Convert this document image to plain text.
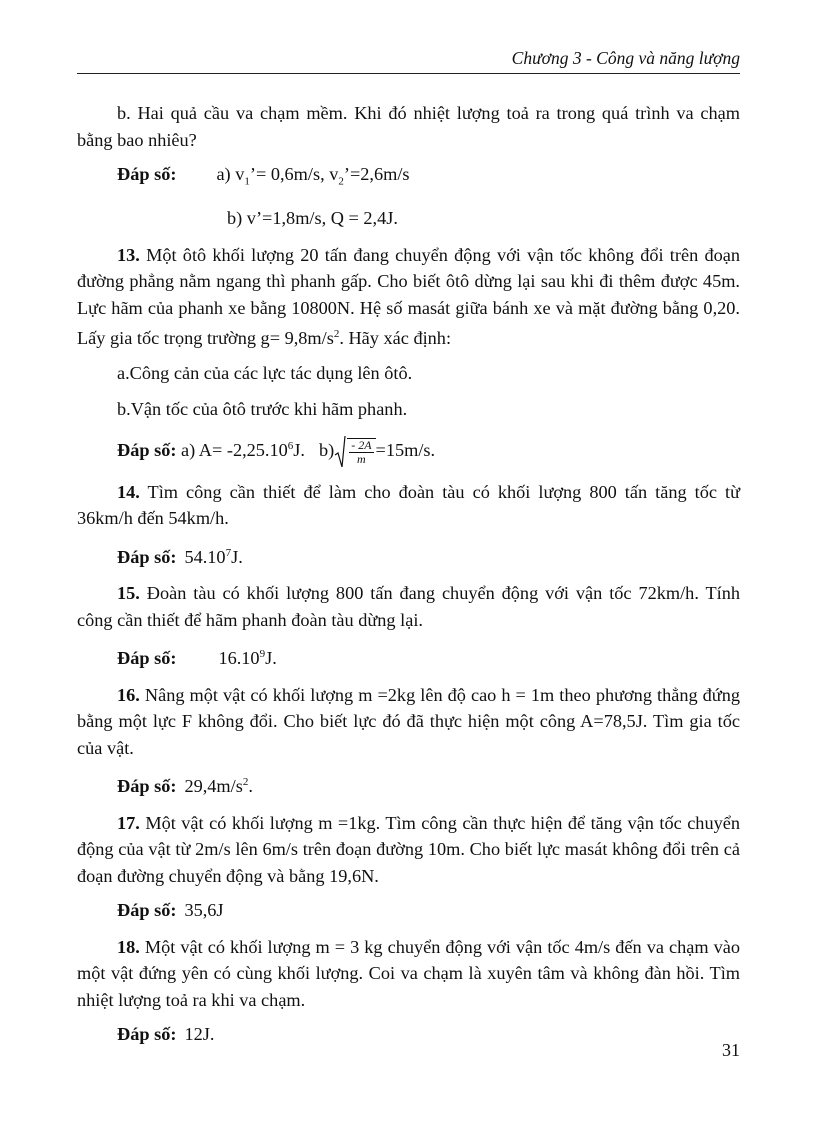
Chương 3 - Công và năng lượng

b. Hai quả cầu va chạm mềm. Khi đó nhiệt lượng toả ra trong quá trình va chạm bằng bao nhiêu?

Đáp số: a) $v_1’= 0,6m/s$, $v_2’=2,6m/s$
b) v’=1,8m/s, Q = 2,4J.

13. Một ôtô khối lượng 20 tấn đang chuyển động với vận tốc không đổi trên đoạn đường phẳng nằm ngang thì phanh gấp. Cho biết ôtô dừng lại sau khi đi thêm được 45m. Lực hãm của phanh xe bằng 10800N. Hệ số masát giữa bánh xe và mặt đường bằng 0,20. Lấy gia tốc trọng trường $g= 9,8m/s^2$. Hãy xác định:

a.Công cản của các lực tác dụng lên ôtô.
b.Vận tốc của ôtô trước khi hãm phanh.
Đáp số: a) $A= -2,25.10^6J$. $b) \frac{- 2A}{m} =15m/s$.

14. Tìm công cần thiết để làm cho đoàn tàu có khối lượng 800 tấn tăng tốc từ 36km/h đến 54km/h.

Đáp số: 54.10$^7$J.

15. Đoàn tàu có khối lượng 800 tấn đang chuyển động với vận tốc 72km/h. Tính công cần thiết để hãm phanh đoàn tàu dừng lại.

Đáp số: 16.10$^9$J.

16. Nâng một vật có khối lượng m =2kg lên độ cao h = 1m theo phương thẳng đứng bằng một lực F không đổi. Cho biết lực đó đã thực hiện một công A=78,5J. Tìm gia tốc của vật.

Đáp số: $29,4m/s^2$.

17. Một vật có khối lượng m =1kg. Tìm công cần thực hiện để tăng vận tốc chuyển động của vật từ 2m/s lên 6m/s trên đoạn đường 10m. Cho biết lực masát không đổi trên cả đoạn đường chuyển động và bằng 19,6N.

Đáp số: 35,6J

18. Một vật có khối lượng m = 3 kg chuyển động với vận tốc 4m/s đến va chạm vào một vật đứng yên có cùng khối lượng. Coi va chạm là xuyên tâm và không đàn hồi. Tìm nhiệt lượng toả ra khi va chạm.

Đáp số: 12J.
31
